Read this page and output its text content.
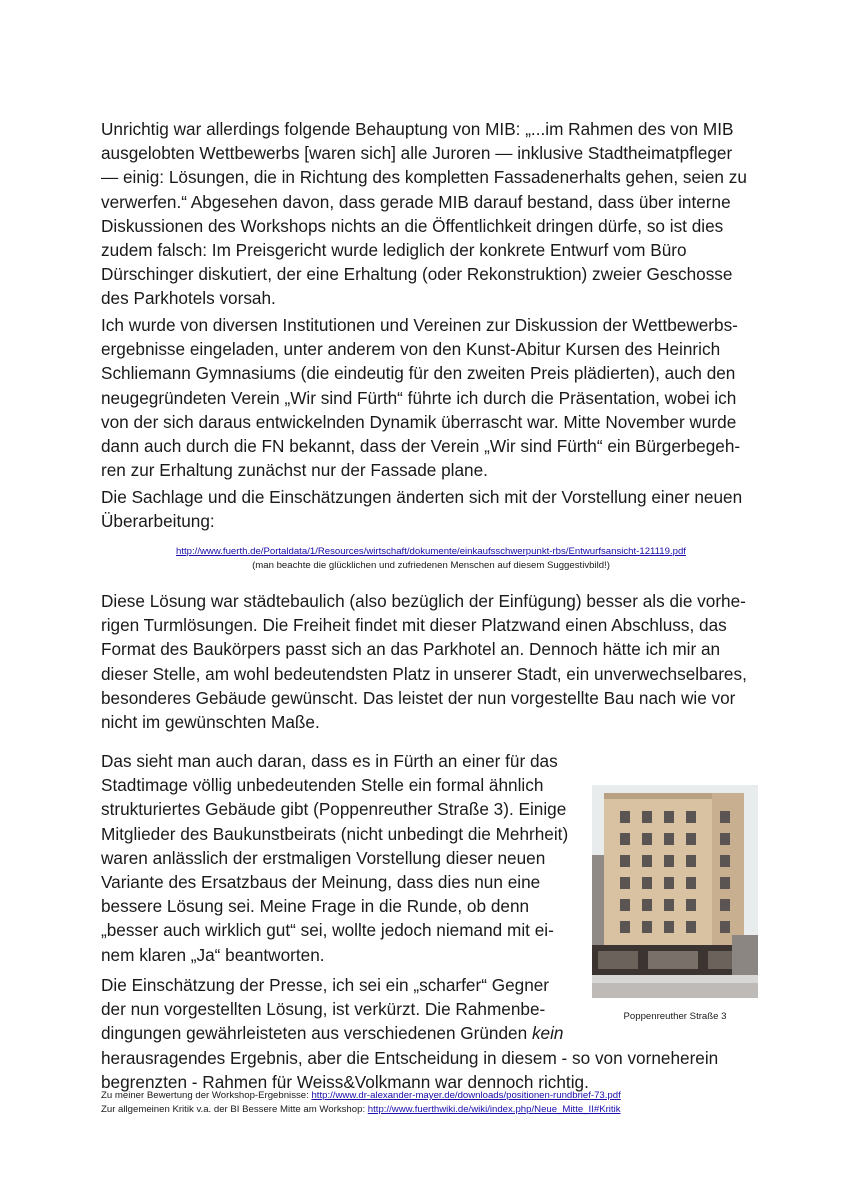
Unrichtig war allerdings folgende Behauptung von MIB: „...im Rahmen des von MIB
ausgelobten Wettbewerbs [waren sich] alle Juroren — inklusive Stadtheimatpfleger
— einig: Lösungen, die in Richtung des kompletten Fassadenerhalts gehen, seien zu
verwerfen.“ Abgesehen davon, dass gerade MIB darauf bestand, dass über interne
Diskussionen des Workshops nichts an die Öffentlichkeit dringen dürfe, so ist dies
zudem falsch: Im Preisgericht wurde lediglich der konkrete Entwurf vom Büro
Dürschinger diskutiert, der eine Erhaltung (oder Rekonstruktion) zweier Geschosse
des Parkhotels vorsah.

Ich wurde von diversen Institutionen und Vereinen zur Diskussion der Wettbewerbs-
ergebnisse eingeladen, unter anderem von den Kunst-Abitur Kursen des Heinrich
Schliemann Gymnasiums (die eindeutig für den zweiten Preis plädierten), auch den
neugegründeten Verein „Wir sind Fürth“ führte ich durch die Präsentation, wobei ich
von der sich daraus entwickelnden Dynamik überrascht war. Mitte November wurde
dann auch durch die FN bekannt, dass der Verein „Wir sind Fürth“ ein Bürgerbegeh-
ren zur Erhaltung zunächst nur der Fassade plane.

Die Sachlage und die Einschätzungen änderten sich mit der Vorstellung einer neuen
Überarbeitung:

http://www.fuerth.de/Portaldata/1/Resources/wirtschaft/dokumente/einkaufsschwerpunkt-rbs/Entwurfsansicht-121119.pdf
(man beachte die glücklichen und zufriedenen Menschen auf diesem Suggestivbild!)

Diese Lösung war städtebaulich (also bezüglich der Einfügung) besser als die vorhe-
rigen Turmlösungen. Die Freiheit findet mit dieser Platzwand einen Abschluss, das
Format des Baukörpers passt sich an das Parkhotel an. Dennoch hätte ich mir an
dieser Stelle, am wohl bedeutendsten Platz in unserer Stadt, ein unverwechselbares,
besonderes Gebäude gewünscht. Das leistet der nun vorgestellte Bau nach wie vor
nicht im gewünschten Maße.

Das sieht man auch daran, dass es in Fürth an einer für das
Stadtimage völlig unbedeutenden Stelle ein formal ähnlich
strukturiertes Gebäude gibt (Poppenreuther Straße 3). Einige
Mitglieder des Baukunstbeirats (nicht unbedingt die Mehrheit)
waren anlässlich der erstmaligen Vorstellung dieser neuen
Variante des Ersatzbaus der Meinung, dass dies nun eine
bessere Lösung sei. Meine Frage in die Runde, ob denn
„besser auch wirklich gut“ sei, wollte jedoch niemand mit ei-
nem klaren „Ja“ beantworten.

Die Einschätzung der Presse, ich sei ein „scharfer“ Gegner
der nun vorgestellten Lösung, ist verkürzt. Die Rahmenbe-
dingungen gewährleisteten aus verschiedenen Gründen kein
herausragendes Ergebnis, aber die Entscheidung in diesem - so von vorneherein
begrenzten - Rahmen für Weiss&Volkmann war dennoch richtig.

Poppenreuther Straße 3
Zu meiner Bewertung der Workshop-Ergebnisse: http://www.dr-alexander-mayer.de/downloads/positionen-rundbrief-73.pdf
Zur allgemeinen Kritik v.a. der BI Bessere Mitte am Workshop: http://www.fuerthwiki.de/wiki/index.php/Neue_Mitte_II#Kritik
